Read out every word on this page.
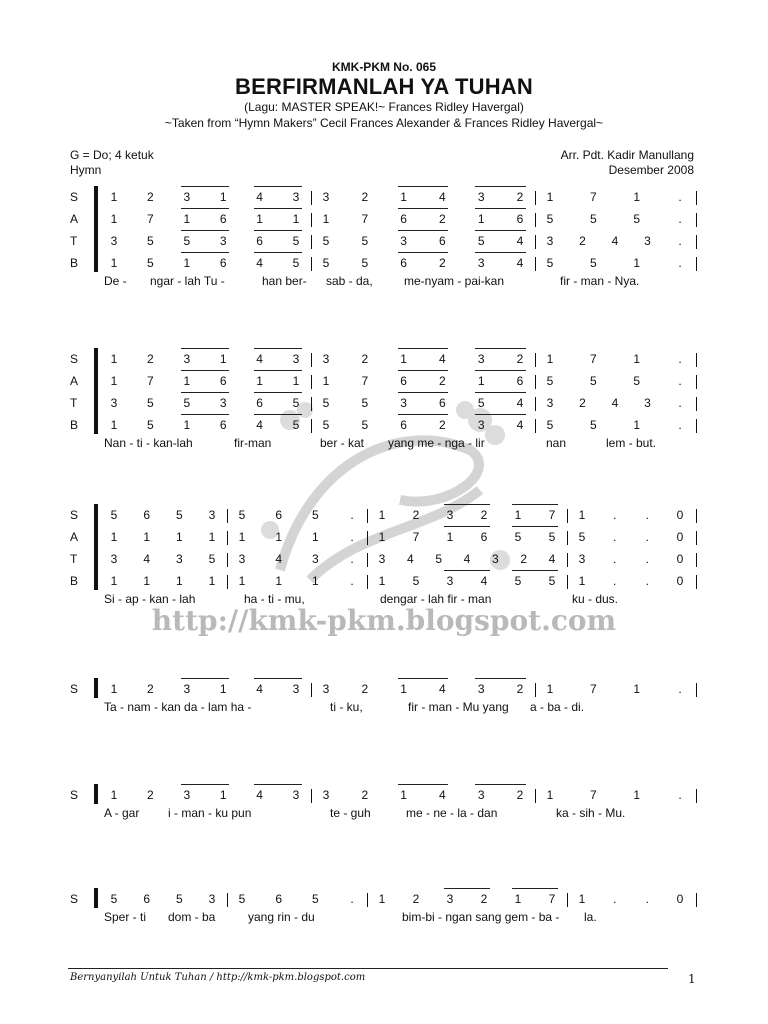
KMK-PKM No. 065
BERFIRMANLAH YA TUHAN
(Lagu: MASTER SPEAK!~ Frances Ridley Havergal)
~Taken from “Hymn Makers” Cecil Frances Alexander & Frances Ridley Havergal~
G = Do; 4 ketuk
Hymn
Arr. Pdt. Kadir Manullang
Desember 2008
http://kmk-pkm.blogspot.com
S	1	2	3	1	4	3	3	2	1	4	3	2	1	7	1	.
A	1	7	1	6	1	1	1	7	6	2	1	6	5	5	5	.
T	3	5	5	3	6	5	5	5	3	6	5	4	3	2	4	3	.
B	1	5	1	6	4	5	5	5	6	2	3	4	5	5	1	.
De - ngar - lah Tu -	han ber- sab - da,	me-nyam - pai-kan	fir - man - Nya.
S	1	2	3	1	4	3	3	2	1	4	3	2	1	7	1	.
A	1	7	1	6	1	1	1	7	6	2	1	6	5	5	5	.
T	3	5	5	3	6	5	5	5	3	6	5	4	3	2	4	3	.
B	1	5	1	6	4	5	5	5	6	2	3	4	5	5	1	.
Nan - ti - kan-lah	fir-man	ber - kat yang me - nga - lir	nan	lem - but.
S	5	6	5	3	5	6	5	.	1	2	3	2	1	7	1	.	.	0
A	1	1	1	1	1	1	1	.	1	7	1	6	5	5	5	.	.	0
T	3	4	3	5	3	4	3	.	3	4	5	4	3	2	4	3	.	.	0
B	1	1	1	1	1	1	1	.	1	5	3	4	5	5	1	.	.	0
Si - ap - kan - lah	ha - ti - mu,	dengar - lah fir - man	ku - dus.
S	1	2	3	1	4	3	3	2	1	4	3	2	1	7	1	.
Ta - nam - kan da - lam ha -	ti - ku,	fir - man - Mu yang a - ba - di.
S	1	2	3	1	4	3	3	2	1	4	3	2	1	7	1	.
A - gar i - man - ku pun	te - guh	me - ne - la - dan	ka - sih - Mu.
S	5	6	5	3	5	6	5	.	1	2	3	2	1	7	1	.	.	0
Sper - ti dom - ba	yang rin - du	bim-bi - ngan sang gem - ba - la.
Bernyanyilah Untuk Tuhan / http://kmk-pkm.blogspot.com	1
